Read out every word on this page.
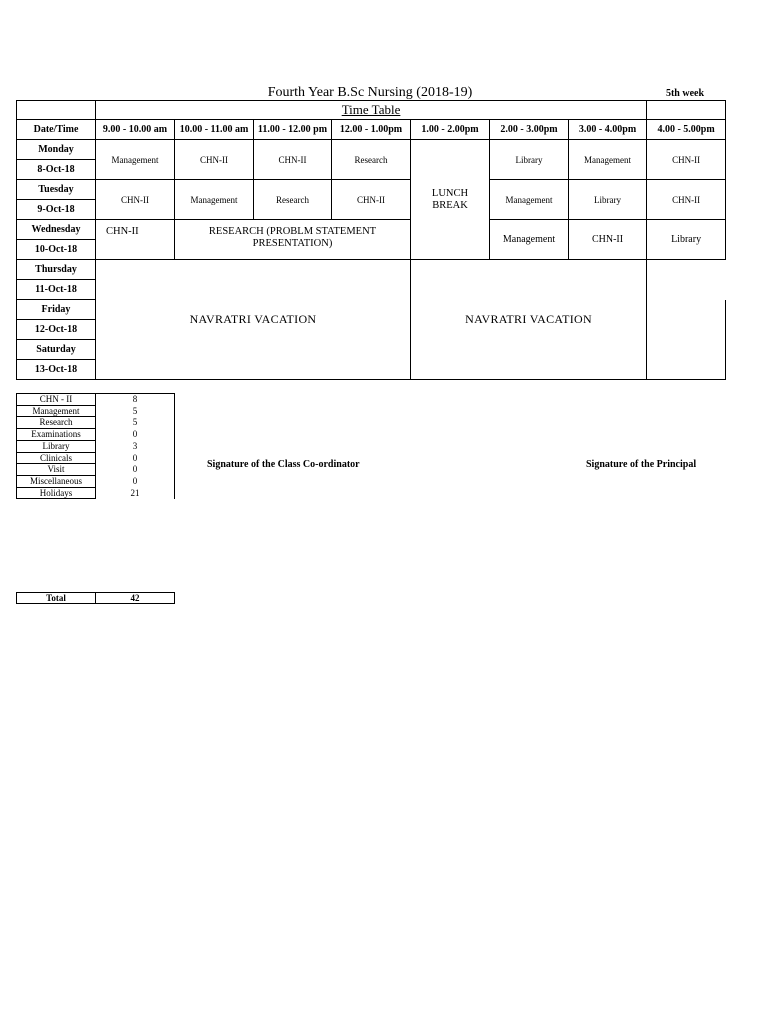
Fourth Year B.Sc Nursing (2018-19)	5th week
	Time Table							
Date/Time	9.00 - 10.00 am	10.00 - 11.00 am	11.00 - 12.00 pm	12.00 - 1.00pm	1.00 - 2.00pm	2.00 - 3.00pm	3.00 - 4.00pm	4.00 - 5.00pm
Monday	Management	CHN-II	CHN-II	Research	LUNCH BREAK	Library	Management	CHN-II
8-Oct-18								
Tuesday	CHN-II	Management	Research	CHN-II		Management	Library	CHN-II
9-Oct-18								
Wednesday	CHN-II	RESEARCH (PROBLM STATEMENT PRESENTATION)				Management	CHN-II	Library
10-Oct-18								
Thursday	NAVRATRI VACATION				NAVRATRI VACATION			
11-Oct-18								
Friday								
12-Oct-18								
Saturday								
13-Oct-18								
CHN - II	8
Management	5
Research	5
Examinations	0
Library	3
Clinicals	0
Visit	0
Miscellaneous	0
Holidays	21
Total	42
Signature of the Class Co-ordinator	Signature of the Principal
